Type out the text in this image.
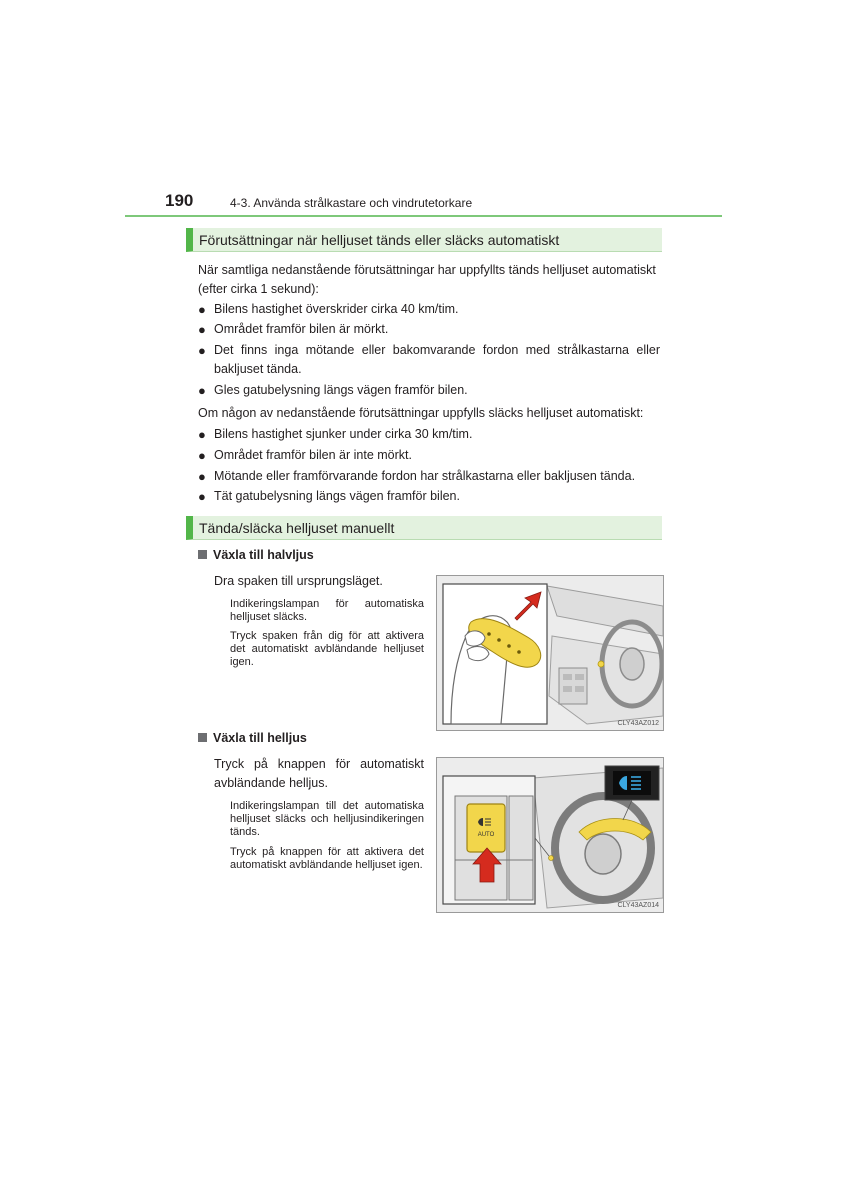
190	4-3. Använda strålkastare och vindrutetorkare
Förutsättningar när helljuset tänds eller släcks automatiskt
När samtliga nedanstående förutsättningar har uppfyllts tänds helljuset automatiskt (efter cirka 1 sekund):
● Bilens hastighet överskrider cirka 40 km/tim.
● Området framför bilen är mörkt.
● Det finns inga mötande eller bakomvarande fordon med strålkastarna eller bakljuset tända.
● Gles gatubelysning längs vägen framför bilen.
Om någon av nedanstående förutsättningar uppfylls släcks helljuset automatiskt:
● Bilens hastighet sjunker under cirka 30 km/tim.
● Området framför bilen är inte mörkt.
● Mötande eller framförvarande fordon har strålkastarna eller bakljusen tända.
● Tät gatubelysning längs vägen framför bilen.
Tända/släcka helljuset manuellt
Växla till halvljus
Dra spaken till ursprungsläget.
Indikeringslampan för automatiska helljuset släcks.
Tryck spaken från dig för att aktivera det automatiskt avbländande helljuset igen.
CLY43AZ012
Växla till helljus
Tryck på knappen för automatiskt avbländande helljus.
Indikeringslampan till det automatiska helljuset släcks och helljusindikeringen tänds.
Tryck på knappen för att aktivera det automatiskt avbländande helljuset igen.
AUTO
CLY43AZ014
